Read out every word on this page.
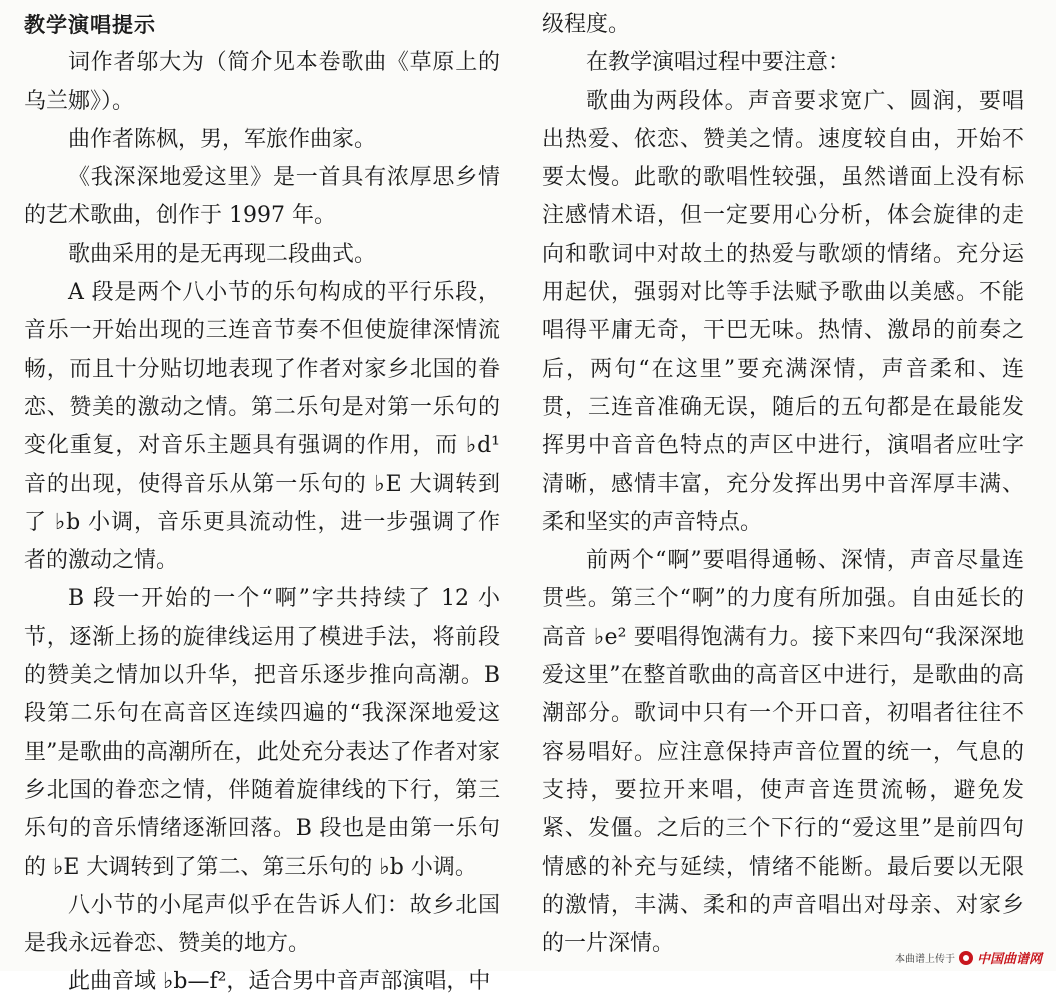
教学演唱提示

词作者邬大为（简介见本卷歌曲《草原上的乌兰娜》）。

曲作者陈枫，男，军旅作曲家。

《我深深地爱这里》是一首具有浓厚思乡情的艺术歌曲，创作于 1997 年。

歌曲采用的是无再现二段曲式。

A 段是两个八小节的乐句构成的平行乐段，音乐一开始出现的三连音节奏不但使旋律深情流畅，而且十分贴切地表现了作者对家乡北国的眷恋、赞美的激动之情。第二乐句是对第一乐句的变化重复，对音乐主题具有强调的作用，而 ♭d¹ 音的出现，使得音乐从第一乐句的 ♭E 大调转到了 ♭b 小调，音乐更具流动性，进一步强调了作者的激动之情。

B 段一开始的一个“啊”字共持续了 12 小节，逐渐上扬的旋律线运用了模进手法，将前段的赞美之情加以升华，把音乐逐步推向高潮。B 段第二乐句在高音区连续四遍的“我深深地爱这里”是歌曲的高潮所在，此处充分表达了作者对家乡北国的眷恋之情，伴随着旋律线的下行，第三乐句的音乐情绪逐渐回落。B 段也是由第一乐句的 ♭E 大调转到了第二、第三乐句的 ♭b 小调。

八小节的小尾声似乎在告诉人们：故乡北国是我永远眷恋、赞美的地方。

此曲音域 ♭b—f²，适合男中音声部演唱，中

级程度。

在教学演唱过程中要注意：

歌曲为两段体。声音要求宽广、圆润，要唱出热爱、依恋、赞美之情。速度较自由，开始不要太慢。此歌的歌唱性较强，虽然谱面上没有标注感情术语，但一定要用心分析，体会旋律的走向和歌词中对故土的热爱与歌颂的情绪。充分运用起伏，强弱对比等手法赋予歌曲以美感。不能唱得平庸无奇，干巴无味。热情、激昂的前奏之后，两句“在这里”要充满深情，声音柔和、连贯，三连音准确无误，随后的五句都是在最能发挥男中音音色特点的声区中进行，演唱者应吐字清晰，感情丰富，充分发挥出男中音浑厚丰满、柔和坚实的声音特点。

前两个“啊”要唱得通畅、深情，声音尽量连贯些。第三个“啊”的力度有所加强。自由延长的高音 ♭e² 要唱得饱满有力。接下来四句“我深深地爱这里”在整首歌曲的高音区中进行，是歌曲的高潮部分。歌词中只有一个开口音，初唱者往往不容易唱好。应注意保持声音位置的统一，气息的支持，要拉开来唱，使声音连贯流畅，避免发紧、发僵。之后的三个下行的“爱这里”是前四句情感的补充与延续，情绪不能断。最后要以无限的激情，丰满、柔和的声音唱出对母亲、对家乡的一片深情。

本曲谱上传于 中国曲谱网
